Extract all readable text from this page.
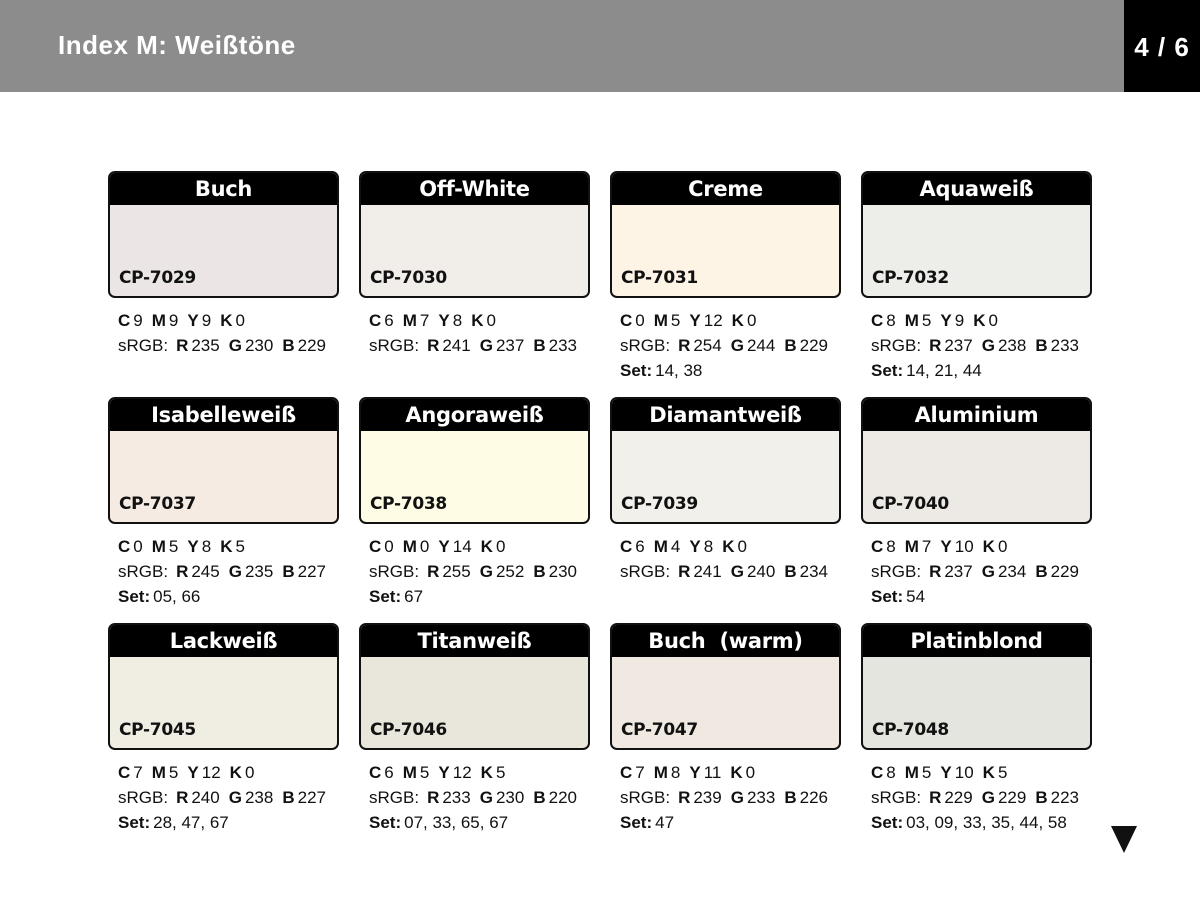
Index M: Weißtöne	4 / 6
Buch
CP-7029
C 9 M 9 Y 9 K 0
sRGB: R 235 G 230 B 229
Off-White
CP-7030
C 6 M 7 Y 8 K 0
sRGB: R 241 G 237 B 233
Creme
CP-7031
C 0 M 5 Y 12 K 0
sRGB: R 254 G 244 B 229
Set: 14, 38
Aquaweiß
CP-7032
C 8 M 5 Y 9 K 0
sRGB: R 237 G 238 B 233
Set: 14, 21, 44
Isabelleweiß
CP-7037
C 0 M 5 Y 8 K 5
sRGB: R 245 G 235 B 227
Set: 05, 66
Angoraweiß
CP-7038
C 0 M 0 Y 14 K 0
sRGB: R 255 G 252 B 230
Set: 67
Diamantweiß
CP-7039
C 6 M 4 Y 8 K 0
sRGB: R 241 G 240 B 234
Aluminium
CP-7040
C 8 M 7 Y 10 K 0
sRGB: R 237 G 234 B 229
Set: 54
Lackweiß
CP-7045
C 7 M 5 Y 12 K 0
sRGB: R 240 G 238 B 227
Set: 28, 47, 67
Titanweiß
CP-7046
C 6 M 5 Y 12 K 5
sRGB: R 233 G 230 B 220
Set: 07, 33, 65, 67
Buch  (warm)
CP-7047
C 7 M 8 Y 11 K 0
sRGB: R 239 G 233 B 226
Set: 47
Platinblond
CP-7048
C 8 M 5 Y 10 K 5
sRGB: R 229 G 229 B 223
Set: 03, 09, 33, 35, 44, 58
